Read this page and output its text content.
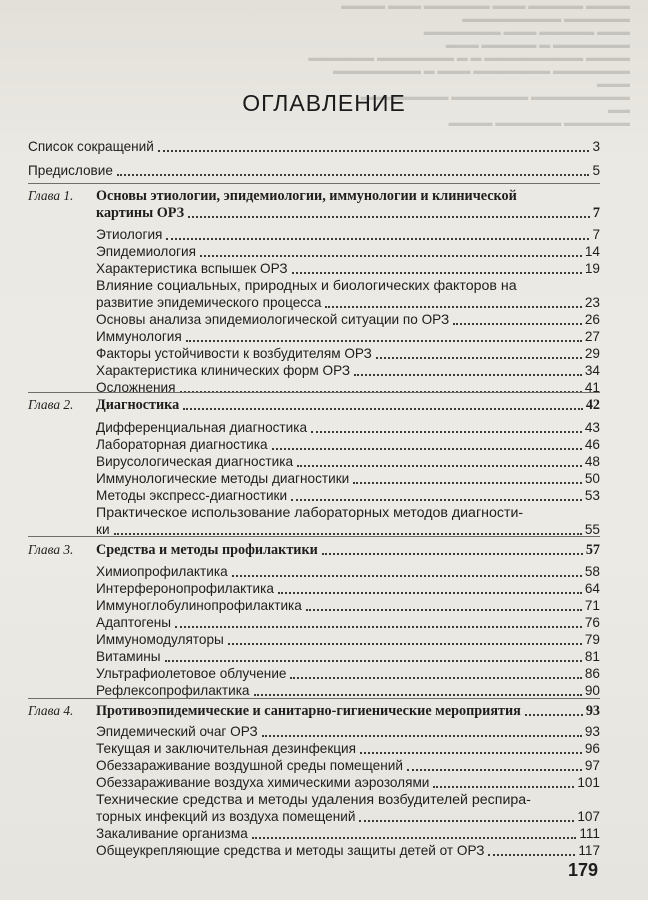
▬▬▬▬ ▬▬▬▬▬ ▬▬▬ ▬▬▬▬▬▬ ▬▬▬ ▬▬▬▬
▬▬▬▬▬▬ ▬▬▬▬▬▬▬▬▬
▬▬▬ ▬▬▬▬▬ ▬▬▬ ▬▬▬▬▬▬▬
▬▬▬▬▬▬▬ ▬ ▬▬▬▬▬ ▬▬▬
▬▬▬▬ ▬▬▬▬▬▬▬▬▬ ▬ ▬ ▬▬▬▬▬▬▬ ▬▬▬▬▬▬
▬▬▬▬▬▬▬ ▬▬▬▬▬▬▬ ▬▬▬ ▬ ▬▬▬▬▬▬▬▬
▬▬▬
▬▬▬▬▬▬▬▬▬ ▬▬▬▬▬▬▬ ▬▬▬▬▬▬▬▬
▬▬
▬▬▬▬▬▬ ▬▬▬▬▬▬ ▬▬▬▬
ОГЛАВЛЕНИЕ
Список сокращений	3
Предисловие	5
Глава 1. Основы этиологии, эпидемиологии, иммунологии и клинической
картины ОРЗ	7
Этиология	7
Эпидемиология	14
Характеристика вспышек ОРЗ	19
Влияние социальных, природных и биологических факторов на
развитие эпидемического процесса	23
Основы анализа эпидемиологической ситуации по ОРЗ	26
Иммунология	27
Факторы устойчивости к возбудителям ОРЗ	29
Характеристика клинических форм ОРЗ	34
Осложнения	41
Глава 2. Диагностика	42
Дифференциальная диагностика	43
Лабораторная диагностика	46
Вирусологическая диагностика	48
Иммунологические методы диагностики	50
Методы экспресс-диагностики	53
Практическое использование лабораторных методов диагности-
ки	55
Глава 3. Средства и методы профилактики	57
Химиопрофилактика	58
Интерферонопрофилактика	64
Иммуноглобулинопрофилактика	71
Адаптогены	76
Иммуномодуляторы	79
Витамины	81
Ультрафиолетовое облучение	86
Рефлексопрофилактика	90
Глава 4. Противоэпидемические и санитарно-гигиенические мероприятия	93
Эпидемический очаг ОРЗ	93
Текущая и заключительная дезинфекция	96
Обеззараживание воздушной среды помещений	97
Обеззараживание воздуха химическими аэрозолями	101
Технические средства и методы удаления возбудителей респира-
торных инфекций из воздуха помещений	107
Закаливание организма	111
Общеукрепляющие средства и методы защиты детей от ОРЗ	117
179
